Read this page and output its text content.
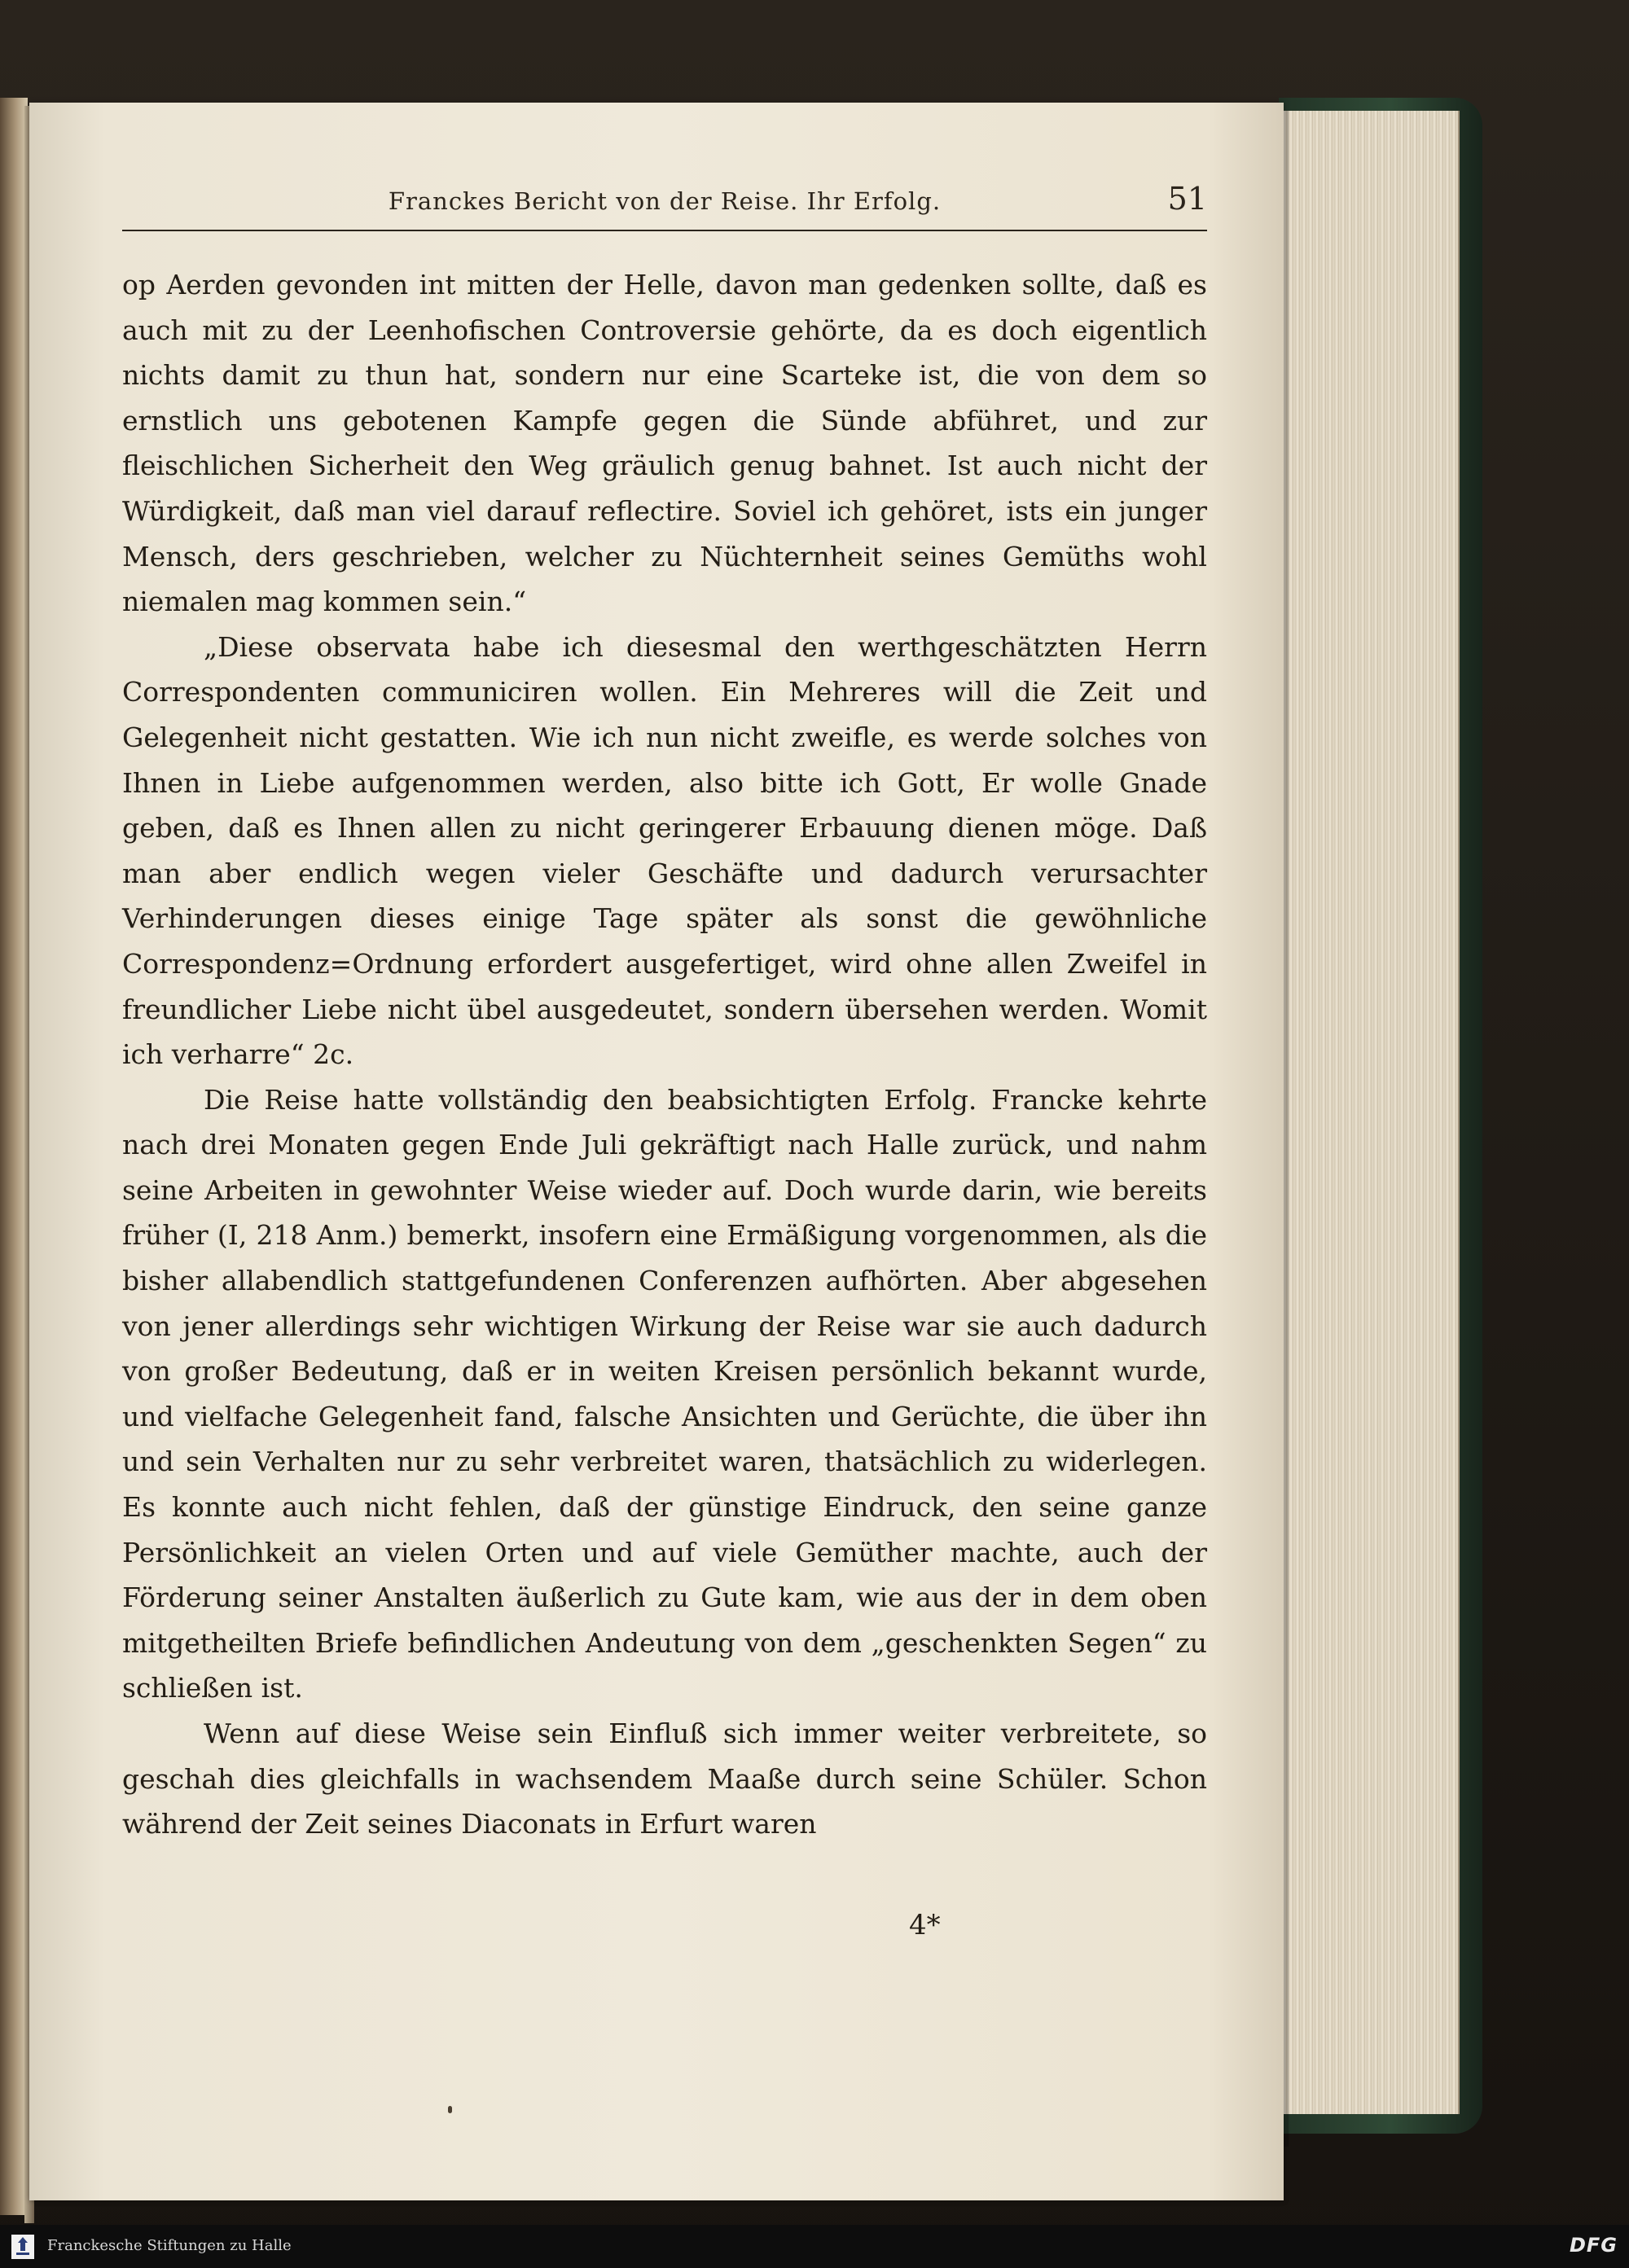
Franckes Bericht von der Reise. Ihr Erfolg.	51

op Aerden gevonden int mitten der Helle, davon man gedenken sollte, daß es auch mit zu der Leenhofischen Controversie gehörte, da es doch eigentlich nichts damit zu thun hat, sondern nur eine Scarteke ist, die von dem so ernstlich uns gebotenen Kampfe gegen die Sünde abführet, und zur fleischlichen Sicherheit den Weg gräulich genug bahnet. Ist auch nicht der Würdigkeit, daß man viel darauf reflectire. Soviel ich gehöret, ists ein junger Mensch, ders geschrieben, welcher zu Nüchternheit seines Gemüths wohl niemalen mag kommen sein.“

„Diese observata habe ich diesesmal den werthgeschätzten Herrn Correspondenten communiciren wollen. Ein Mehreres will die Zeit und Gelegenheit nicht gestatten. Wie ich nun nicht zweifle, es werde solches von Ihnen in Liebe aufgenommen werden, also bitte ich Gott, Er wolle Gnade geben, daß es Ihnen allen zu nicht geringerer Erbauung dienen möge. Daß man aber endlich wegen vieler Geschäfte und dadurch verursachter Verhinderungen dieses einige Tage später als sonst die gewöhnliche Correspondenz=Ordnung erfordert ausgefertiget, wird ohne allen Zweifel in freundlicher Liebe nicht übel ausgedeutet, sondern übersehen werden. Womit ich verharre“ 2c.

Die Reise hatte vollständig den beabsichtigten Erfolg. Francke kehrte nach drei Monaten gegen Ende Juli gekräftigt nach Halle zurück, und nahm seine Arbeiten in gewohnter Weise wieder auf. Doch wurde darin, wie bereits früher (I, 218 Anm.) bemerkt, insofern eine Ermäßigung vorgenommen, als die bisher allabendlich stattgefundenen Conferenzen aufhörten. Aber abgesehen von jener allerdings sehr wichtigen Wirkung der Reise war sie auch dadurch von großer Bedeutung, daß er in weiten Kreisen persönlich bekannt wurde, und vielfache Gelegenheit fand, falsche Ansichten und Gerüchte, die über ihn und sein Verhalten nur zu sehr verbreitet waren, thatsächlich zu widerlegen. Es konnte auch nicht fehlen, daß der günstige Eindruck, den seine ganze Persönlichkeit an vielen Orten und auf viele Gemüther machte, auch der Förderung seiner Anstalten äußerlich zu Gute kam, wie aus der in dem oben mitgetheilten Briefe befindlichen Andeutung von dem „geschenkten Segen“ zu schließen ist.

Wenn auf diese Weise sein Einfluß sich immer weiter verbreitete, so geschah dies gleichfalls in wachsendem Maaße durch seine Schüler. Schon während der Zeit seines Diaconats in Erfurt waren

4*
Franckesche Stiftungen zu Halle	DFG
